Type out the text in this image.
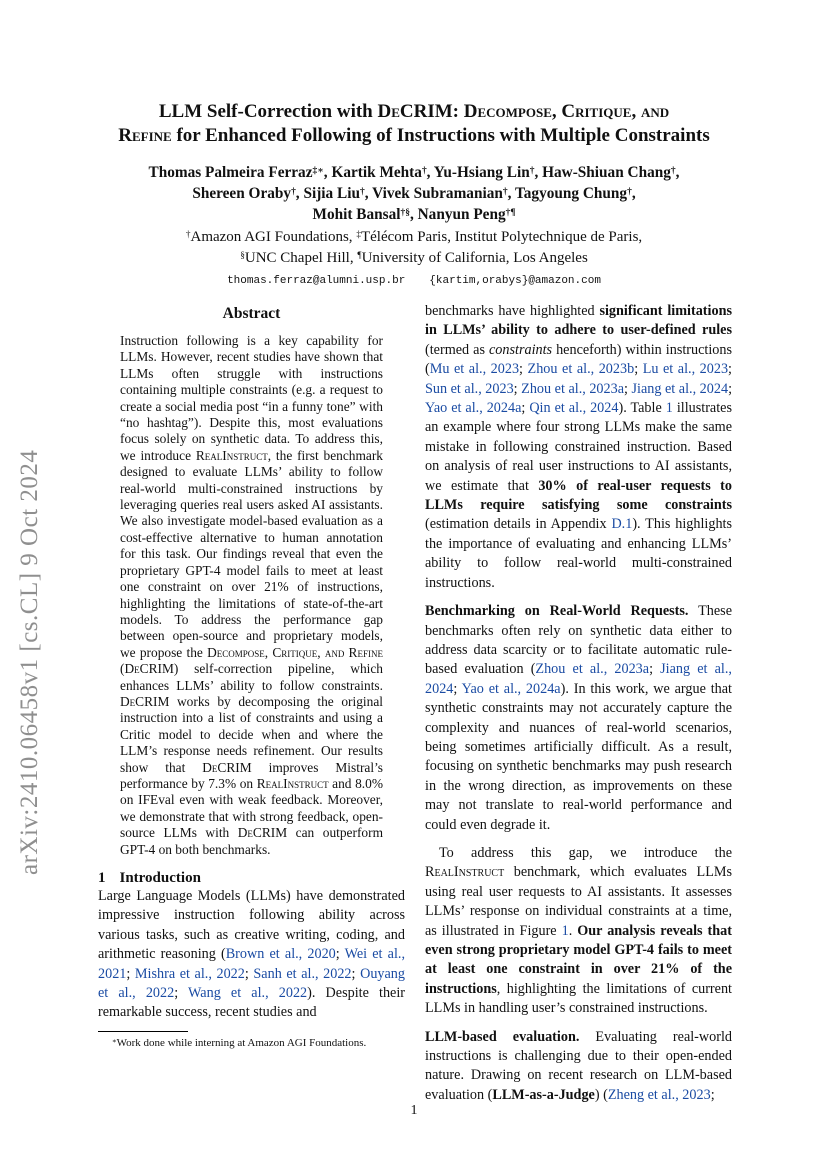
arXiv:2410.06458v1 [cs.CL] 9 Oct 2024
LLM Self-Correction with DeCRIM: Decompose, Critique, and
Refine for Enhanced Following of Instructions with Multiple Constraints
Thomas Palmeira Ferraz‡∗, Kartik Mehta†, Yu-Hsiang Lin†, Haw-Shiuan Chang†,
Shereen Oraby†, Sijia Liu†, Vivek Subramanian†, Tagyoung Chung†,
Mohit Bansal†§, Nanyun Peng†¶
†Amazon AGI Foundations, ‡Télécom Paris, Institut Polytechnique de Paris,
§UNC Chapel Hill, ¶University of California, Los Angeles
thomas.ferraz@alumni.usp.br {kartim,orabys}@amazon.com
Abstract
Instruction following is a key capability for LLMs. However, recent studies have shown that LLMs often struggle with instructions containing multiple constraints (e.g. a request to create a social media post “in a funny tone” with “no hashtag”). Despite this, most evaluations focus solely on synthetic data. To address this, we introduce RealInstruct, the first benchmark designed to evaluate LLMs’ ability to follow real-world multi-constrained instructions by leveraging queries real users asked AI assistants. We also investigate model-based evaluation as a cost-effective alternative to human annotation for this task. Our findings reveal that even the proprietary GPT-4 model fails to meet at least one constraint on over 21% of instructions, highlighting the limitations of state-of-the-art models. To address the performance gap between open-source and proprietary models, we propose the Decompose, Critique, and Refine (DeCRIM) self-correction pipeline, which enhances LLMs’ ability to follow constraints. DeCRIM works by decomposing the original instruction into a list of constraints and using a Critic model to decide when and where the LLM’s response needs refinement. Our results show that DeCRIM improves Mistral’s performance by 7.3% on RealInstruct and 8.0% on IFEval even with weak feedback. Moreover, we demonstrate that with strong feedback, open-source LLMs with DeCRIM can outperform GPT-4 on both benchmarks.
1 Introduction
Large Language Models (LLMs) have demonstrated impressive instruction following ability across various tasks, such as creative writing, coding, and arithmetic reasoning (Brown et al., 2020; Wei et al., 2021; Mishra et al., 2022; Sanh et al., 2022; Ouyang et al., 2022; Wang et al., 2022). Despite their remarkable success, recent studies and
∗Work done while interning at Amazon AGI Foundations.

benchmarks have highlighted significant limitations in LLMs’ ability to adhere to user-defined rules (termed as constraints henceforth) within instructions (Mu et al., 2023; Zhou et al., 2023b; Lu et al., 2023; Sun et al., 2023; Zhou et al., 2023a; Jiang et al., 2024; Yao et al., 2024a; Qin et al., 2024). Table 1 illustrates an example where four strong LLMs make the same mistake in following constrained instruction. Based on analysis of real user instructions to AI assistants, we estimate that 30% of real-user requests to LLMs require satisfying some constraints (estimation details in Appendix D.1). This highlights the importance of evaluating and enhancing LLMs’ ability to follow real-world multi-constrained instructions.

Benchmarking on Real-World Requests. These benchmarks often rely on synthetic data either to address data scarcity or to facilitate automatic rule-based evaluation (Zhou et al., 2023a; Jiang et al., 2024; Yao et al., 2024a). In this work, we argue that synthetic constraints may not accurately capture the complexity and nuances of real-world scenarios, being sometimes artificially difficult. As a result, focusing on synthetic benchmarks may push research in the wrong direction, as improvements on these may not translate to real-world performance and could even degrade it.

To address this gap, we introduce the RealInstruct benchmark, which evaluates LLMs using real user requests to AI assistants. It assesses LLMs’ response on individual constraints at a time, as illustrated in Figure 1. Our analysis reveals that even strong proprietary model GPT-4 fails to meet at least one constraint in over 21% of the instructions, highlighting the limitations of current LLMs in handling user’s constrained instructions.

LLM-based evaluation. Evaluating real-world instructions is challenging due to their open-ended nature. Drawing on recent research on LLM-based evaluation (LLM-as-a-Judge) (Zheng et al., 2023;

1
